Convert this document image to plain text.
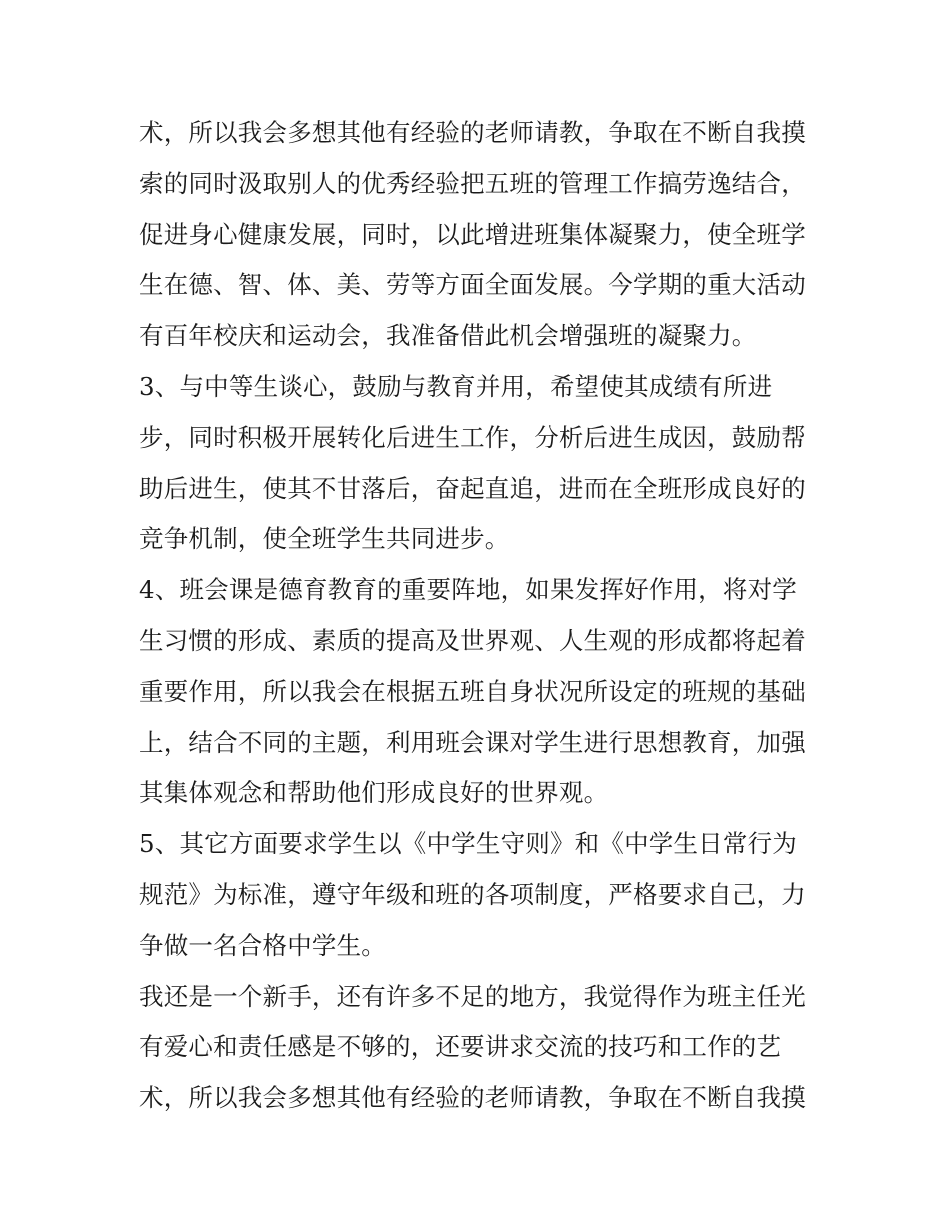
术，所以我会多想其他有经验的老师请教，争取在不断自我摸
索的同时汲取别人的优秀经验把五班的管理工作搞劳逸结合，
促进身心健康发展，同时，以此增进班集体凝聚力，使全班学
生在德、智、体、美、劳等方面全面发展。今学期的重大活动
有百年校庆和运动会，我准备借此机会增强班的凝聚力。
3、与中等生谈心，鼓励与教育并用，希望使其成绩有所进
步，同时积极开展转化后进生工作，分析后进生成因，鼓励帮
助后进生，使其不甘落后，奋起直追，进而在全班形成良好的
竞争机制，使全班学生共同进步。
4、班会课是德育教育的重要阵地，如果发挥好作用，将对学
生习惯的形成、素质的提高及世界观、人生观的形成都将起着
重要作用，所以我会在根据五班自身状况所设定的班规的基础
上，结合不同的主题，利用班会课对学生进行思想教育，加强
其集体观念和帮助他们形成良好的世界观。
5、其它方面要求学生以《中学生守则》和《中学生日常行为
规范》为标准，遵守年级和班的各项制度，严格要求自己，力
争做一名合格中学生。
我还是一个新手，还有许多不足的地方，我觉得作为班主任光
有爱心和责任感是不够的，还要讲求交流的技巧和工作的艺
术，所以我会多想其他有经验的老师请教，争取在不断自我摸
